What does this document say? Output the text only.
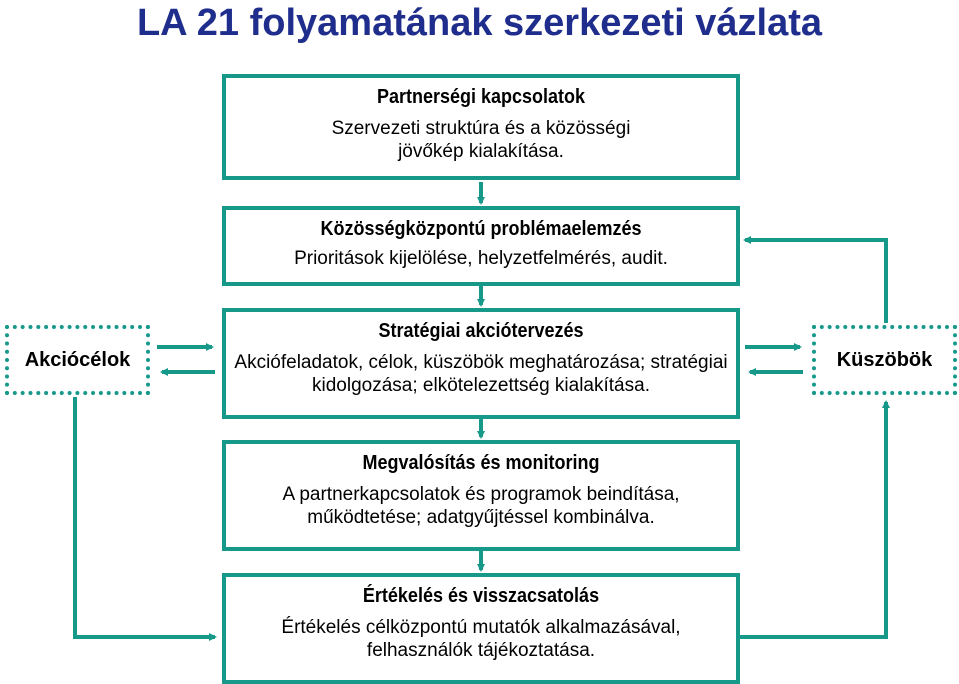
LA 21 folyamatának szerkezeti vázlata
Partnerségi kapcsolatok
Szervezeti struktúra és a közösségi jövőkép kialakítása.
Közösségközpontú problémaelemzés
Prioritások kijelölése, helyzetfelmérés, audit.
Stratégiai akciótervezés
Akciófeladatok, célok, küszöbök meghatározása; stratégiai kidolgozása; elkötelezettség kialakítása.
Megvalósítás és monitoring
A partnerkapcsolatok és programok beindítása, működtetése; adatgyűjtéssel kombinálva.
Értékelés és visszacsatolás
Értékelés célközpontú mutatók alkalmazásával, felhasználók tájékoztatása.
Akciócélok	Küszöbök
